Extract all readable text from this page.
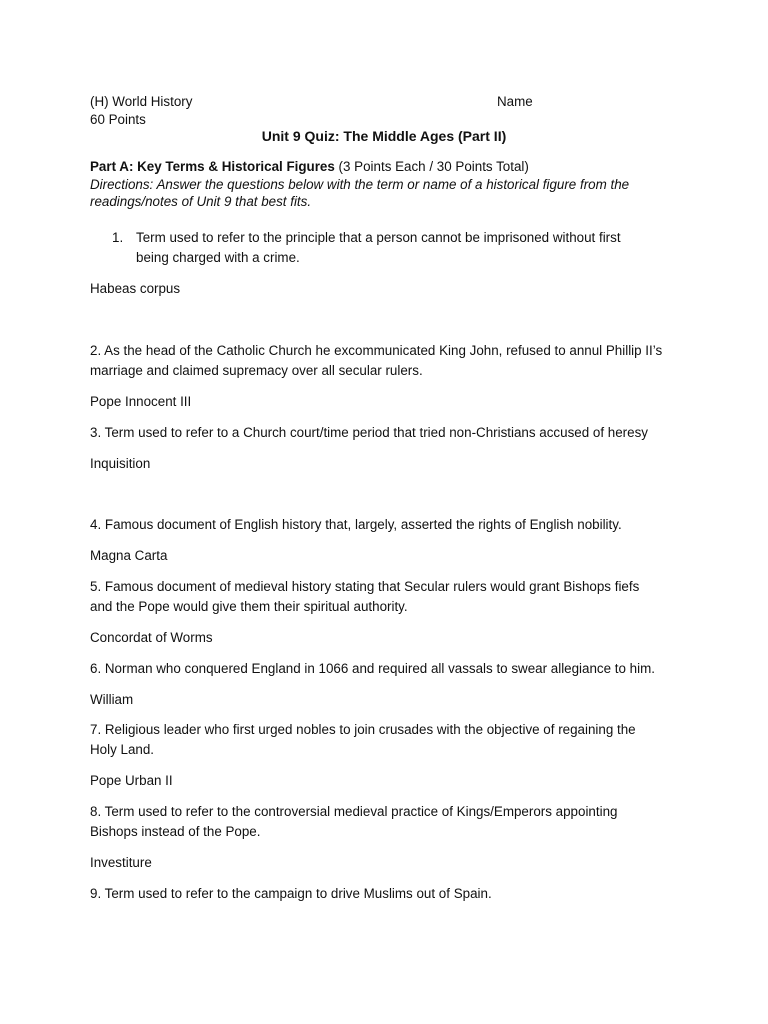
(H) World History
60 Points
Name
Unit 9 Quiz: The Middle Ages (Part II)
Part A: Key Terms & Historical Figures (3 Points Each / 30 Points Total)
Directions: Answer the questions below with the term or name of a historical figure from the
readings/notes of Unit 9 that best fits.
1. Term used to refer to the principle that a person cannot be imprisoned without first
being charged with a crime.
Habeas corpus
2. As the head of the Catholic Church he excommunicated King John, refused to annul Phillip II’s
marriage and claimed supremacy over all secular rulers.
Pope Innocent III
3. Term used to refer to a Church court/time period that tried non-Christians accused of heresy
Inquisition
4. Famous document of English history that, largely, asserted the rights of English nobility.
Magna Carta
5. Famous document of medieval history stating that Secular rulers would grant Bishops fiefs
and the Pope would give them their spiritual authority.
Concordat of Worms
6. Norman who conquered England in 1066 and required all vassals to swear allegiance to him.
William
7. Religious leader who first urged nobles to join crusades with the objective of regaining the
Holy Land.
Pope Urban II
8. Term used to refer to the controversial medieval practice of Kings/Emperors appointing
Bishops instead of the Pope.
Investiture
9. Term used to refer to the campaign to drive Muslims out of Spain.
